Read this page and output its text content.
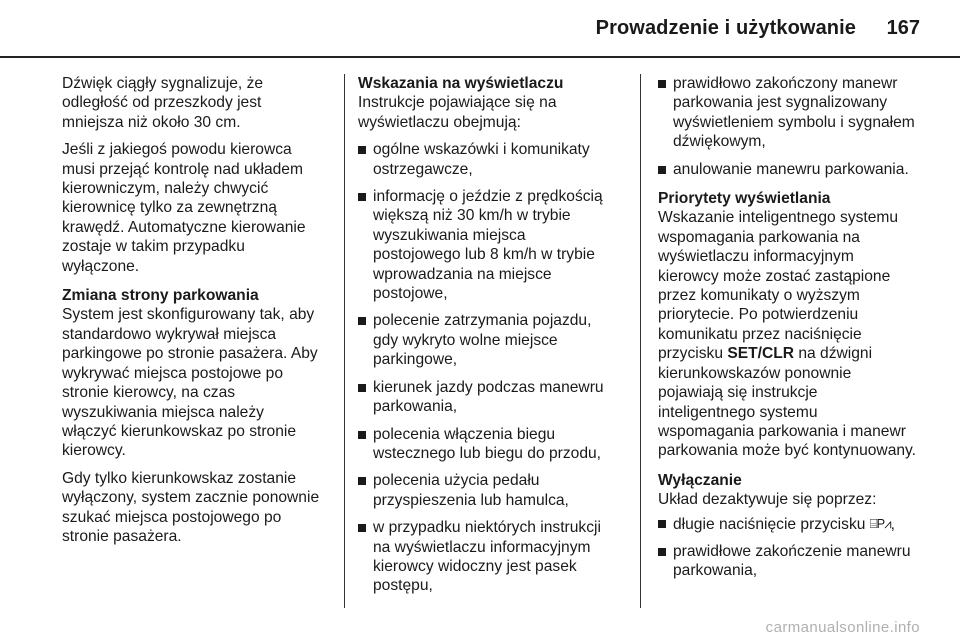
Prowadzenie i użytkowanie 167

Dźwięk ciągły sygnalizuje, że
odległość od przeszkody jest
mniejsza niż około 30 cm.

Jeśli z jakiegoś powodu kierowca
musi przejąć kontrolę nad układem
kierowniczym, należy chwycić
kierownicę tylko za zewnętrzną
krawędź. Automatyczne kierowanie
zostaje w takim przypadku
wyłączone.

Zmiana strony parkowania

System jest skonfigurowany tak, aby
standardowo wykrywał miejsca
parkingowe po stronie pasażera. Aby
wykrywać miejsca postojowe po
stronie kierowcy, na czas
wyszukiwania miejsca należy
włączyć kierunkowskaz po stronie
kierowcy.

Gdy tylko kierunkowskaz zostanie
wyłączony, system zacznie ponownie
szukać miejsca postojowego po
stronie pasażera.

Wskazania na wyświetlaczu

Instrukcje pojawiające się na
wyświetlaczu obejmują:

ogólne wskazówki i komunikaty
ostrzegawcze,
informację o jeździe z prędkością
większą niż 30 km/h w trybie
wyszukiwania miejsca
postojowego lub 8 km/h w trybie
wprowadzania na miejsce
postojowe,
polecenie zatrzymania pojazdu,
gdy wykryto wolne miejsce
parkingowe,
kierunek jazdy podczas manewru
parkowania,
polecenia włączenia biegu
wstecznego lub biegu do przodu,
polecenia użycia pedału
przyspieszenia lub hamulca,
w przypadku niektórych instrukcji
na wyświetlaczu informacyjnym
kierowcy widoczny jest pasek
postępu,
prawidłowo zakończony manewr
parkowania jest sygnalizowany
wyświetleniem symbolu i sygnałem
dźwiękowym,
anulowanie manewru parkowania.
Priorytety wyświetlania

Wskazanie inteligentnego systemu
wspomagania parkowania na
wyświetlaczu informacyjnym
kierowcy może zostać zastąpione
przez komunikaty o wyższym
priorytecie. Po potwierdzeniu
komunikatu przez naciśnięcie
przycisku SET/CLR na dźwigni
kierunkowskazów ponownie
pojawiają się instrukcje
inteligentnego systemu
wspomagania parkowania i manewr
parkowania może być kontynuowany.

Wyłączanie

Układ dezaktywuje się poprzez:

długie naciśnięcie przycisku ⌸P⩘,
prawidłowe zakończenie manewru
parkowania,
carmanualsonline.info
